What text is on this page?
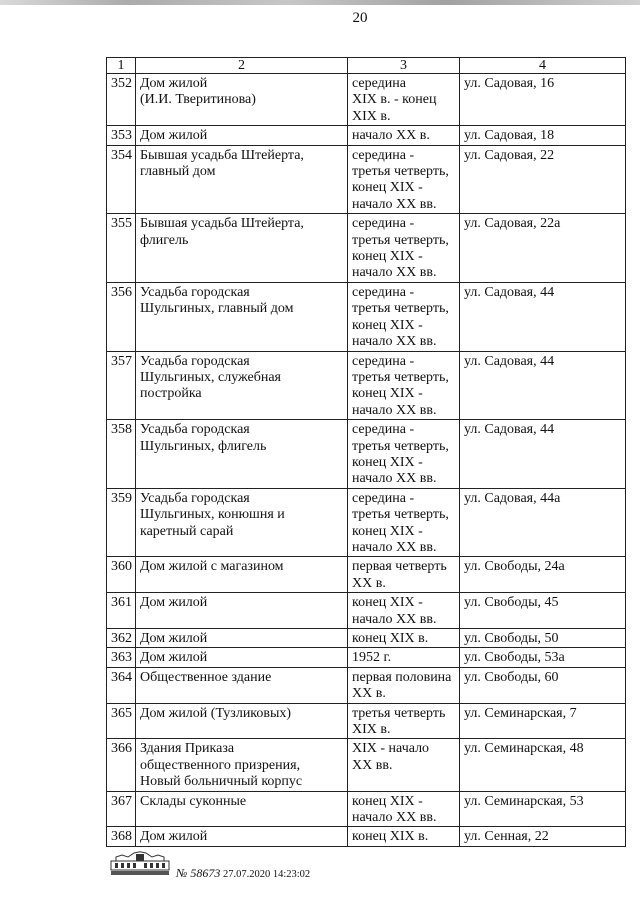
20
1	2	3	4
352	Дом жилой
(И.И. Тверитинова)	середина
XIX в. - конец
XIX в.	ул. Садовая, 16
353	Дом жилой	начало XX в.	ул. Садовая, 18
354	Бывшая усадьба Штейерта,
главный дом	середина -
третья четверть,
конец XIX -
начало XX вв.	ул. Садовая, 22
355	Бывшая усадьба Штейерта,
флигель	середина -
третья четверть,
конец XIX -
начало XX вв.	ул. Садовая, 22а
356	Усадьба городская
Шульгиных, главный дом	середина -
третья четверть,
конец XIX -
начало XX вв.	ул. Садовая, 44
357	Усадьба городская
Шульгиных, служебная
постройка	середина -
третья четверть,
конец XIX -
начало XX вв.	ул. Садовая, 44
358	Усадьба городская
Шульгиных, флигель	середина -
третья четверть,
конец XIX -
начало XX вв.	ул. Садовая, 44
359	Усадьба городская
Шульгиных, конюшня и
каретный сарай	середина -
третья четверть,
конец XIX -
начало XX вв.	ул. Садовая, 44а
360	Дом жилой с магазином	первая четверть
XX в.	ул. Свободы, 24а
361	Дом жилой	конец XIX -
начало XX вв.	ул. Свободы, 45
362	Дом жилой	конец XIX в.	ул. Свободы, 50
363	Дом жилой	1952 г.	ул. Свободы, 53а
364	Общественное здание	первая половина
XX в.	ул. Свободы, 60
365	Дом жилой (Тузликовых)	третья четверть
XIX в.	ул. Семинарская, 7
366	Здания Приказа
общественного призрения,
Новый больничный корпус	XIX - начало
XX вв.	ул. Семинарская, 48
367	Склады суконные	конец XIX -
начало XX вв.	ул. Семинарская, 53
368	Дом жилой	конец XIX в.	ул. Сенная, 22
№ 58673 27.07.2020 14:23:02
